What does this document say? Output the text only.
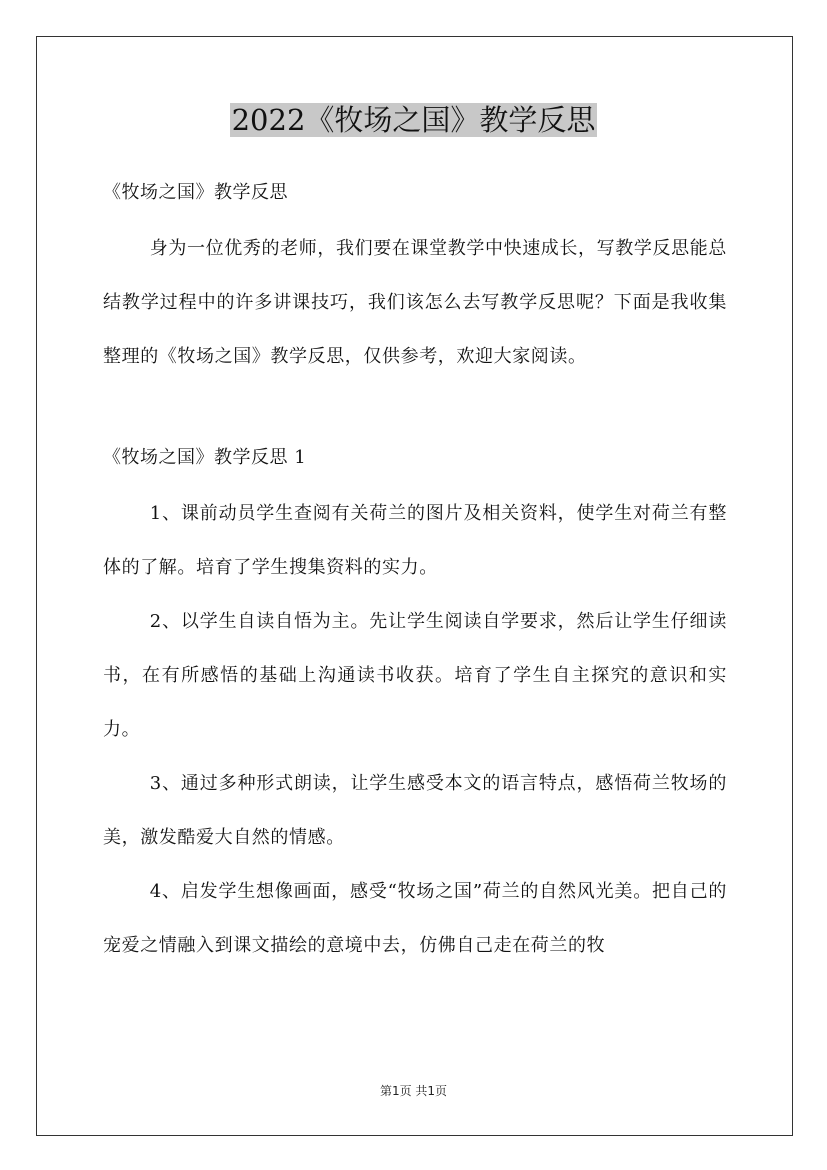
2022《牧场之国》教学反思

《牧场之国》教学反思

身为一位优秀的老师，我们要在课堂教学中快速成长，写教学反思能总结教学过程中的许多讲课技巧，我们该怎么去写教学反思呢？下面是我收集整理的《牧场之国》教学反思，仅供参考，欢迎大家阅读。

《牧场之国》教学反思 1

1、课前动员学生查阅有关荷兰的图片及相关资料，使学生对荷兰有整体的了解。培育了学生搜集资料的实力。

2、以学生自读自悟为主。先让学生阅读自学要求，然后让学生仔细读书，在有所感悟的基础上沟通读书收获。培育了学生自主探究的意识和实力。

3、通过多种形式朗读，让学生感受本文的语言特点，感悟荷兰牧场的美，激发酷爱大自然的情感。

4、启发学生想像画面，感受“牧场之国”荷兰的自然风光美。把自己的宠爱之情融入到课文描绘的意境中去，仿佛自己走在荷兰的牧

第1页 共1页
